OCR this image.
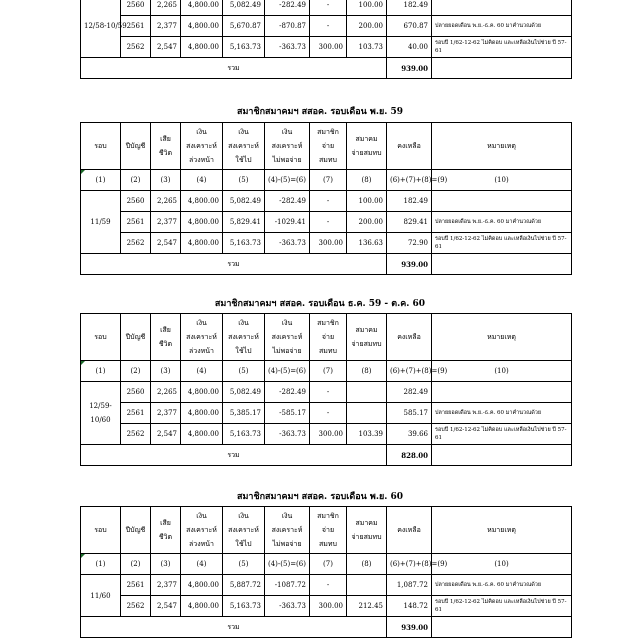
12/58-10/59	2560	2,265	4,800.00	5,082.49	-282.49	-	100.00	182.49	
	2561	2,377	4,800.00	5,670.87	-870.87	-	200.00	670.87	ปลายยอดเดือน พ.ย.-ธ.ค. 60 มาคำนวณด้วย
	2562	2,547	4,800.00	5,163.73	-363.73	300.00	103.73	40.00	รอบปี 1/62-12-62 ไม่คิดอบ และเหลือเงินไปช่วย ปี 57-61
รวม								939.00	
สมาชิกสมาคมฯ สสอค. รอบเดือน พ.ย. 59
รอบ	ปีบัญชี	เสียชีวิต	เงิน สงเคราะห์ ล่วงหน้า	เงิน สงเคราะห์ ใช้ไป	เงิน สงเคราะห์ ไม่พอจ่าย	สมาชิก จ่ายสมทบ	สมาคม จ่ายสมทบ	คงเหลือ	หมายเหตุ
(1)	(2)	(3)	(4)	(5)	(4)-(5)=(6)	(7)	(8)	(6)+(7)+(8)=(9)	(10)
11/59	2560	2,265	4,800.00	5,082.49	-282.49	-	100.00	182.49	
	2561	2,377	4,800.00	5,829.41	-1029.41	-	200.00	829.41	ปลายยอดเดือน พ.ย.-ธ.ค. 60 มาคำนวณด้วย
	2562	2,547	4,800.00	5,163.73	-363.73	300.00	136.63	72.90	รอบปี 1/62-12-62 ไม่คิดอบ และเหลือเงินไปช่วย ปี 57-61
รวม								939.00	
สมาชิกสมาคมฯ สสอค. รอบเดือน ธ.ค. 59 - ต.ค. 60
รอบ	ปีบัญชี	เสียชีวิต	เงิน สงเคราะห์ ล่วงหน้า	เงิน สงเคราะห์ ใช้ไป	เงิน สงเคราะห์ ไม่พอจ่าย	สมาชิก จ่ายสมทบ	สมาคม จ่ายสมทบ	คงเหลือ	หมายเหตุ
(1)	(2)	(3)	(4)	(5)	(4)-(5)=(6)	(7)	(8)	(6)+(7)+(8)=(9)	(10)
12/59-10/60	2560	2,265	4,800.00	5,082.49	-282.49	-		282.49	
	2561	2,377	4,800.00	5,385.17	-585.17	-		585.17	ปลายยอดเดือน พ.ย.-ธ.ค. 60 มาคำนวณด้วย
	2562	2,547	4,800.00	5,163.73	-363.73	300.00	103.39	39.66	รอบปี 1/62-12-62 ไม่คิดอบ และเหลือเงินไปช่วย ปี 57-61
รวม								828.00	
สมาชิกสมาคมฯ สสอค. รอบเดือน พ.ย. 60
รอบ	ปีบัญชี	เสียชีวิต	เงิน สงเคราะห์ ล่วงหน้า	เงิน สงเคราะห์ ใช้ไป	เงิน สงเคราะห์ ไม่พอจ่าย	สมาชิก จ่ายสมทบ	สมาคม จ่ายสมทบ	คงเหลือ	หมายเหตุ
(1)	(2)	(3)	(4)	(5)	(4)-(5)=(6)	(7)	(8)	(6)+(7)+(8)=(9)	(10)
11/60	2561	2,377	4,800.00	5,887.72	-1087.72	-		1,087.72	ปลายยอดเดือน พ.ย.-ธ.ค. 60 มาคำนวณด้วย
	2562	2,547	4,800.00	5,163.73	-363.73	300.00	212.45	148.72	รอบปี 1/62-12-62 ไม่คิดอบ และเหลือเงินไปช่วย ปี 57-61
รวม								939.00	
